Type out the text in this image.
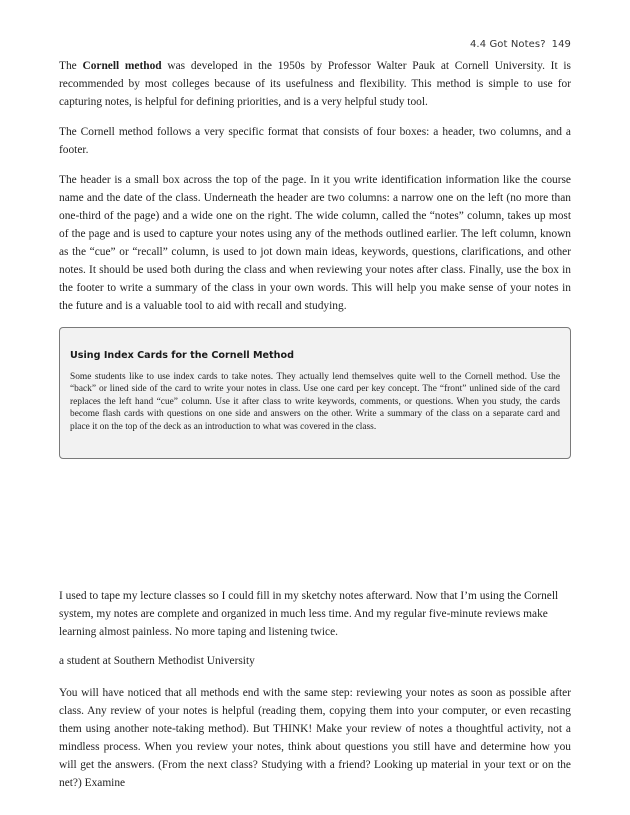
4.4 Got Notes? 149

The Cornell method was developed in the 1950s by Professor Walter Pauk at Cornell University. It is recommended by most colleges because of its usefulness and flexibility. This method is simple to use for capturing notes, is helpful for defining priorities, and is a very helpful study tool.

The Cornell method follows a very specific format that consists of four boxes: a header, two columns, and a footer.

The header is a small box across the top of the page. In it you write identification information like the course name and the date of the class. Underneath the header are two columns: a narrow one on the left (no more than one-third of the page) and a wide one on the right. The wide column, called the “notes” column, takes up most of the page and is used to capture your notes using any of the methods outlined earlier. The left column, known as the “cue” or “recall” column, is used to jot down main ideas, keywords, questions, clarifications, and other notes. It should be used both during the class and when reviewing your notes after class. Finally, use the box in the footer to write a summary of the class in your own words. This will help you make sense of your notes in the future and is a valuable tool to aid with recall and studying.

Using Index Cards for the Cornell Method

Some students like to use index cards to take notes. They actually lend themselves quite well to the Cornell method. Use the “back” or lined side of the card to write your notes in class. Use one card per key concept. The “front” unlined side of the card replaces the left hand “cue” column. Use it after class to write keywords, comments, or questions. When you study, the cards become flash cards with questions on one side and answers on the other. Write a summary of the class on a separate card and place it on the top of the deck as an introduction to what was covered in the class.

I used to tape my lecture classes so I could fill in my sketchy notes afterward. Now that I’m using the Cornell system, my notes are complete and organized in much less time. And my regular five-minute reviews make learning almost painless. No more taping and listening twice.

a student at Southern Methodist University

You will have noticed that all methods end with the same step: reviewing your notes as soon as possible after class. Any review of your notes is helpful (reading them, copying them into your computer, or even recasting them using another note-taking method). But THINK! Make your review of notes a thoughtful activity, not a mindless process. When you review your notes, think about questions you still have and determine how you will get the answers. (From the next class? Studying with a friend? Looking up material in your text or on the net?) Examine
